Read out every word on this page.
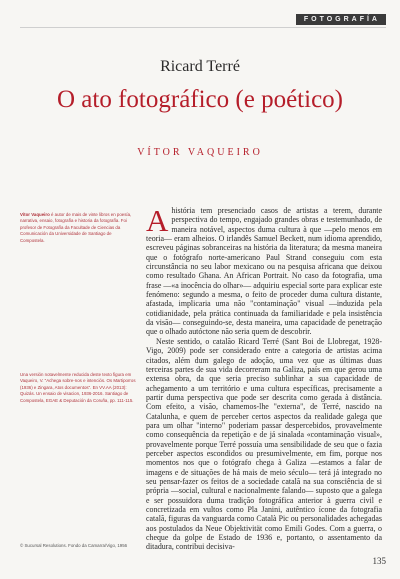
FOTOGRAFÍA
Ricard Terré
O ato fotográfico (e poético)
VÍTOR VAQUEIRO
Vítor Vaqueiro é autor de mais de vinte libros en poesía, narrativa, ensaio, fotografía e historia da fotografía. Foi profesor de Fotografía da Facultade de Ciencias da Comunicación da Universidade de Santiago de Compostela.
Una versión notavelmente reducida deste texto figura em Vaqueiro, V. "Achega sobre-nos e intenciós. Os Martiporros (1936) e Zingara, Atos documentos". En VV.AA (2013): Quizás. Un ensaio de visacion, 1936-2016. Santiago de Compostela, EGAE & Deputación da Coruña, pp. 111-115.
© Sucursal Resolutions. Fondo da Camarra/Vigo, 1956

Ahistória tem presenciado casos de artistas a terem, durante perspectiva do tempo, engajado grandes obras e testemunhado, de maneira notável, aspectos duma cultura à que —pelo menos em teoria— eram alheios. O irlandês Samuel Beckett, num idioma aprendido, escreveu páginas sobranceiras na história da literatura; da mesma maneira que o fotógrafo norte-americano Paul Strand conseguiu com esta circunstância no seu labor mexicano ou na pesquisa africana que deixou como resultado Ghana. An African Portrait. No caso da fotografia, uma frase —«a inocência do olhar»— adquiriu especial sorte para explicar este fenómeno: segundo a mesma, o feito de proceder duma cultura distante, afastada, implicaria uma não "contaminação" visual —induzida pela cotidianidade, pela prática continuada da familiaridade e pela insistência da visão— conseguindo-se, desta maneira, uma capacidade de penetração que o olhado autóctone não seria quem de descobrir.

Neste sentido, o catalão Ricard Terré (Sant Boi de Llobregat, 1928-Vigo, 2009) pode ser considerado entre a categoria de artistas acima citados, além dum galego de adoção, uma vez que as últimas duas terceiras partes de sua vida decorreram na Galiza, país em que gerou uma extensa obra, da que seria preciso sublinhar a sua capacidade de achegamento a um território e uma cultura específicas, precisamente a partir duma perspectiva que pode ser descrita como gerada à distância. Com efeito, a visão, chamemos-lhe "externa", de Terré, nascido na Catalunha, e quem de perceber certos aspectos da realidade galega que para um olhar "interno" poderiam passar despercebidos, provavelmente como consequência da repetição e de já sinalada «contaminação visual», provavelmente porque Terré possuía uma sensibilidade de seu que o fazia perceber aspectos escondidos ou presumivelmente, em fim, porque nos momentos nos que o fotógrafo chega à Galiza —estamos a falar de imagens e de situações de há mais de meio século— terá já integrado no seu pensar-fazer os feitos de a sociedade catalã na sua consciência de si própria —social, cultural e nacionalmente falando— suposto que a galega e ser possuidora duma tradição fotográfica anterior à guerra civil e concretizada em vultos como Pla Janini, autêntico ícone da fotografia catalã, figuras da vanguarda como Català Pic ou personalidades achegadas aos postulados da Neue Objektivität como Emili Godes. Com a guerra, o cheque da golpe de Estado de 1936 e, portanto, o assentamento da ditadura, contribui decisiva-

135
